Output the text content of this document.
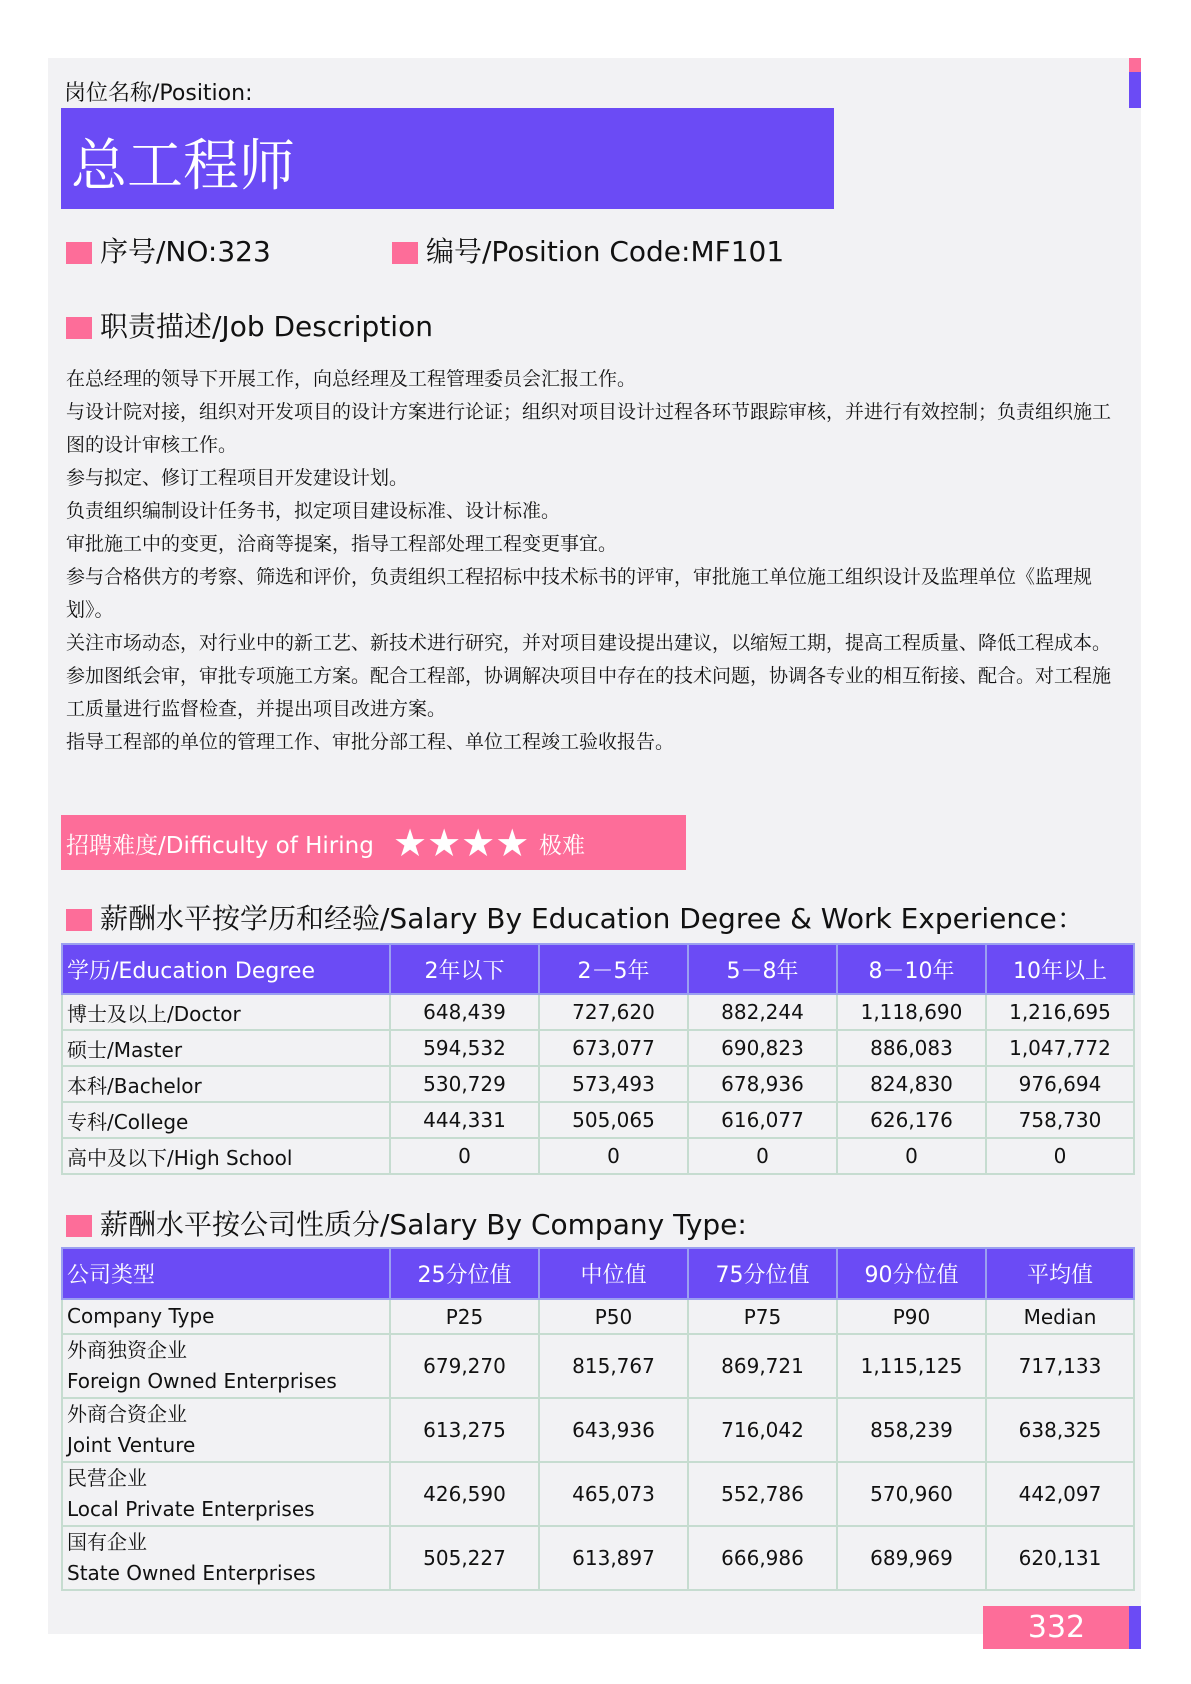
岗位名称/Position:
总工程师
序号/NO:323	编号/Position Code:MF101
职责描述/Job Description

在总经理的领导下开展工作，向总经理及工程管理委员会汇报工作。

与设计院对接，组织对开发项目的设计方案进行论证；组织对项目设计过程各环节跟踪审核，并进行有效控制；负责组织施工图的设计审核工作。

参与拟定、修订工程项目开发建设计划。

负责组织编制设计任务书，拟定项目建设标准、设计标准。

审批施工中的变更，洽商等提案，指导工程部处理工程变更事宜。

参与合格供方的考察、筛选和评价，负责组织工程招标中技术标书的评审，审批施工单位施工组织设计及监理单位《监理规划》。

关注市场动态，对行业中的新工艺、新技术进行研究，并对项目建设提出建议，以缩短工期，提高工程质量、降低工程成本。

参加图纸会审，审批专项施工方案。配合工程部，协调解决项目中存在的技术问题，协调各专业的相互衔接、配合。对工程施工质量进行监督检查，并提出项目改进方案。

指导工程部的单位的管理工作、审批分部工程、单位工程竣工验收报告。

招聘难度/Difficulty of Hiring ★★★★ 极难
薪酬水平按学历和经验/Salary By Education Degree & Work Experience：
学历/Education Degree	2年以下	2－5年	5－8年	8－10年	10年以上
博士及以上/Doctor	648,439	727,620	882,244	1,118,690	1,216,695
硕士/Master	594,532	673,077	690,823	886,083	1,047,772
本科/Bachelor	530,729	573,493	678,936	824,830	976,694
专科/College	444,331	505,065	616,077	626,176	758,730
高中及以下/High School	0	0	0	0	0
薪酬水平按公司性质分/Salary By Company Type:
公司类型	25分位值	中位值	75分位值	90分位值	平均值
Company Type	P25	P50	P75	P90	Median

外商独资企业
Foreign Owned Enterprises	679,270	815,767	869,721	1,115,125	717,133

外商合资企业
Joint Venture	613,275	643,936	716,042	858,239	638,325

民营企业
Local Private Enterprises	426,590	465,073	552,786	570,960	442,097

国有企业
State Owned Enterprises	505,227	613,897	666,986	689,969	620,131
332
